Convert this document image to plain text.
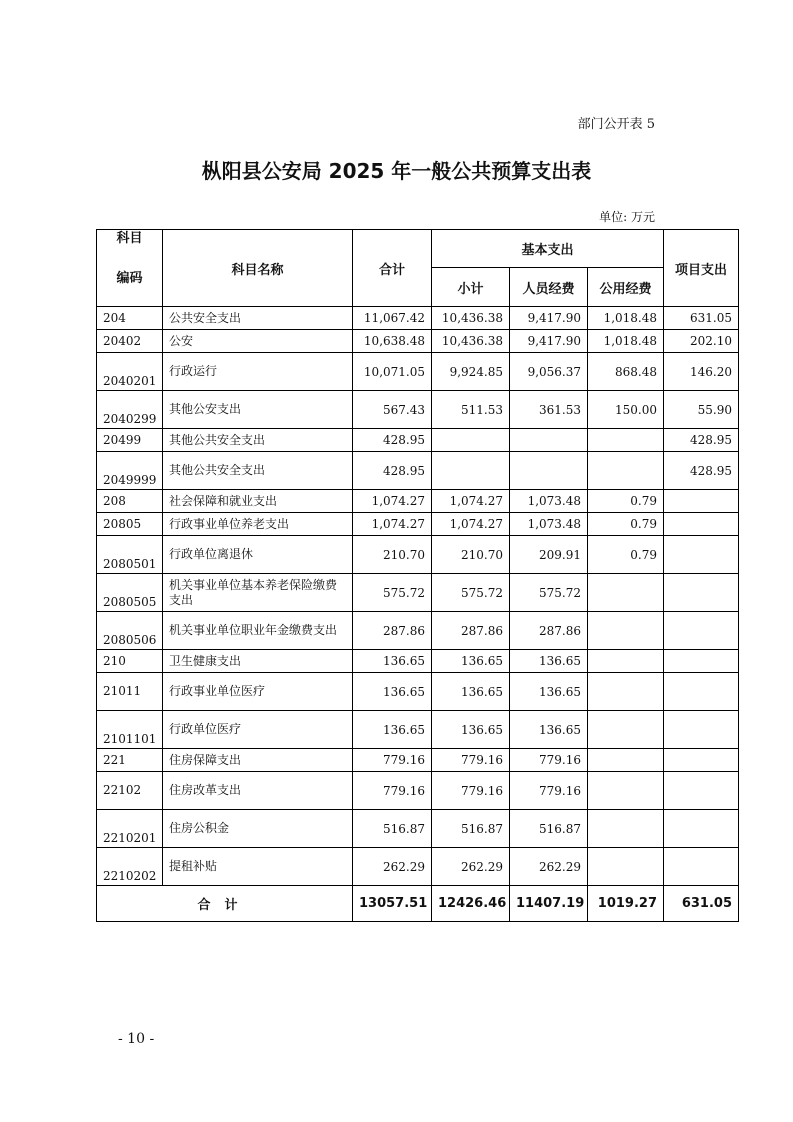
部门公开表 5
枞阳县公安局 2025 年一般公共预算支出表
单位: 万元
科目
编码	科目名称	合计	基本支出			项目支出
			小计	人员经费	公用经费	
204	公共安全支出	11,067.42	10,436.38	9,417.90	1,018.48	631.05
20402	公安	10,638.48	10,436.38	9,417.90	1,018.48	202.10
2040201	行政运行	10,071.05	9,924.85	9,056.37	868.48	146.20
2040299	其他公安支出	567.43	511.53	361.53	150.00	55.90
20499	其他公共安全支出	428.95				428.95
2049999	其他公共安全支出	428.95				428.95
208	社会保障和就业支出	1,074.27	1,074.27	1,073.48	0.79	
20805	行政事业单位养老支出	1,074.27	1,074.27	1,073.48	0.79	
2080501	行政单位离退休	210.70	210.70	209.91	0.79	
2080505	机关事业单位基本养老保险缴费支出	575.72	575.72	575.72		
2080506	机关事业单位职业年金缴费支出	287.86	287.86	287.86		
210	卫生健康支出	136.65	136.65	136.65		
21011	行政事业单位医疗	136.65	136.65	136.65		
2101101	行政单位医疗	136.65	136.65	136.65		
221	住房保障支出	779.16	779.16	779.16		
22102	住房改革支出	779.16	779.16	779.16		
2210201	住房公积金	516.87	516.87	516.87		
2210202	提租补贴	262.29	262.29	262.29		
合计		13057.51	12426.46	11407.19	1019.27	631.05
- 10 -
